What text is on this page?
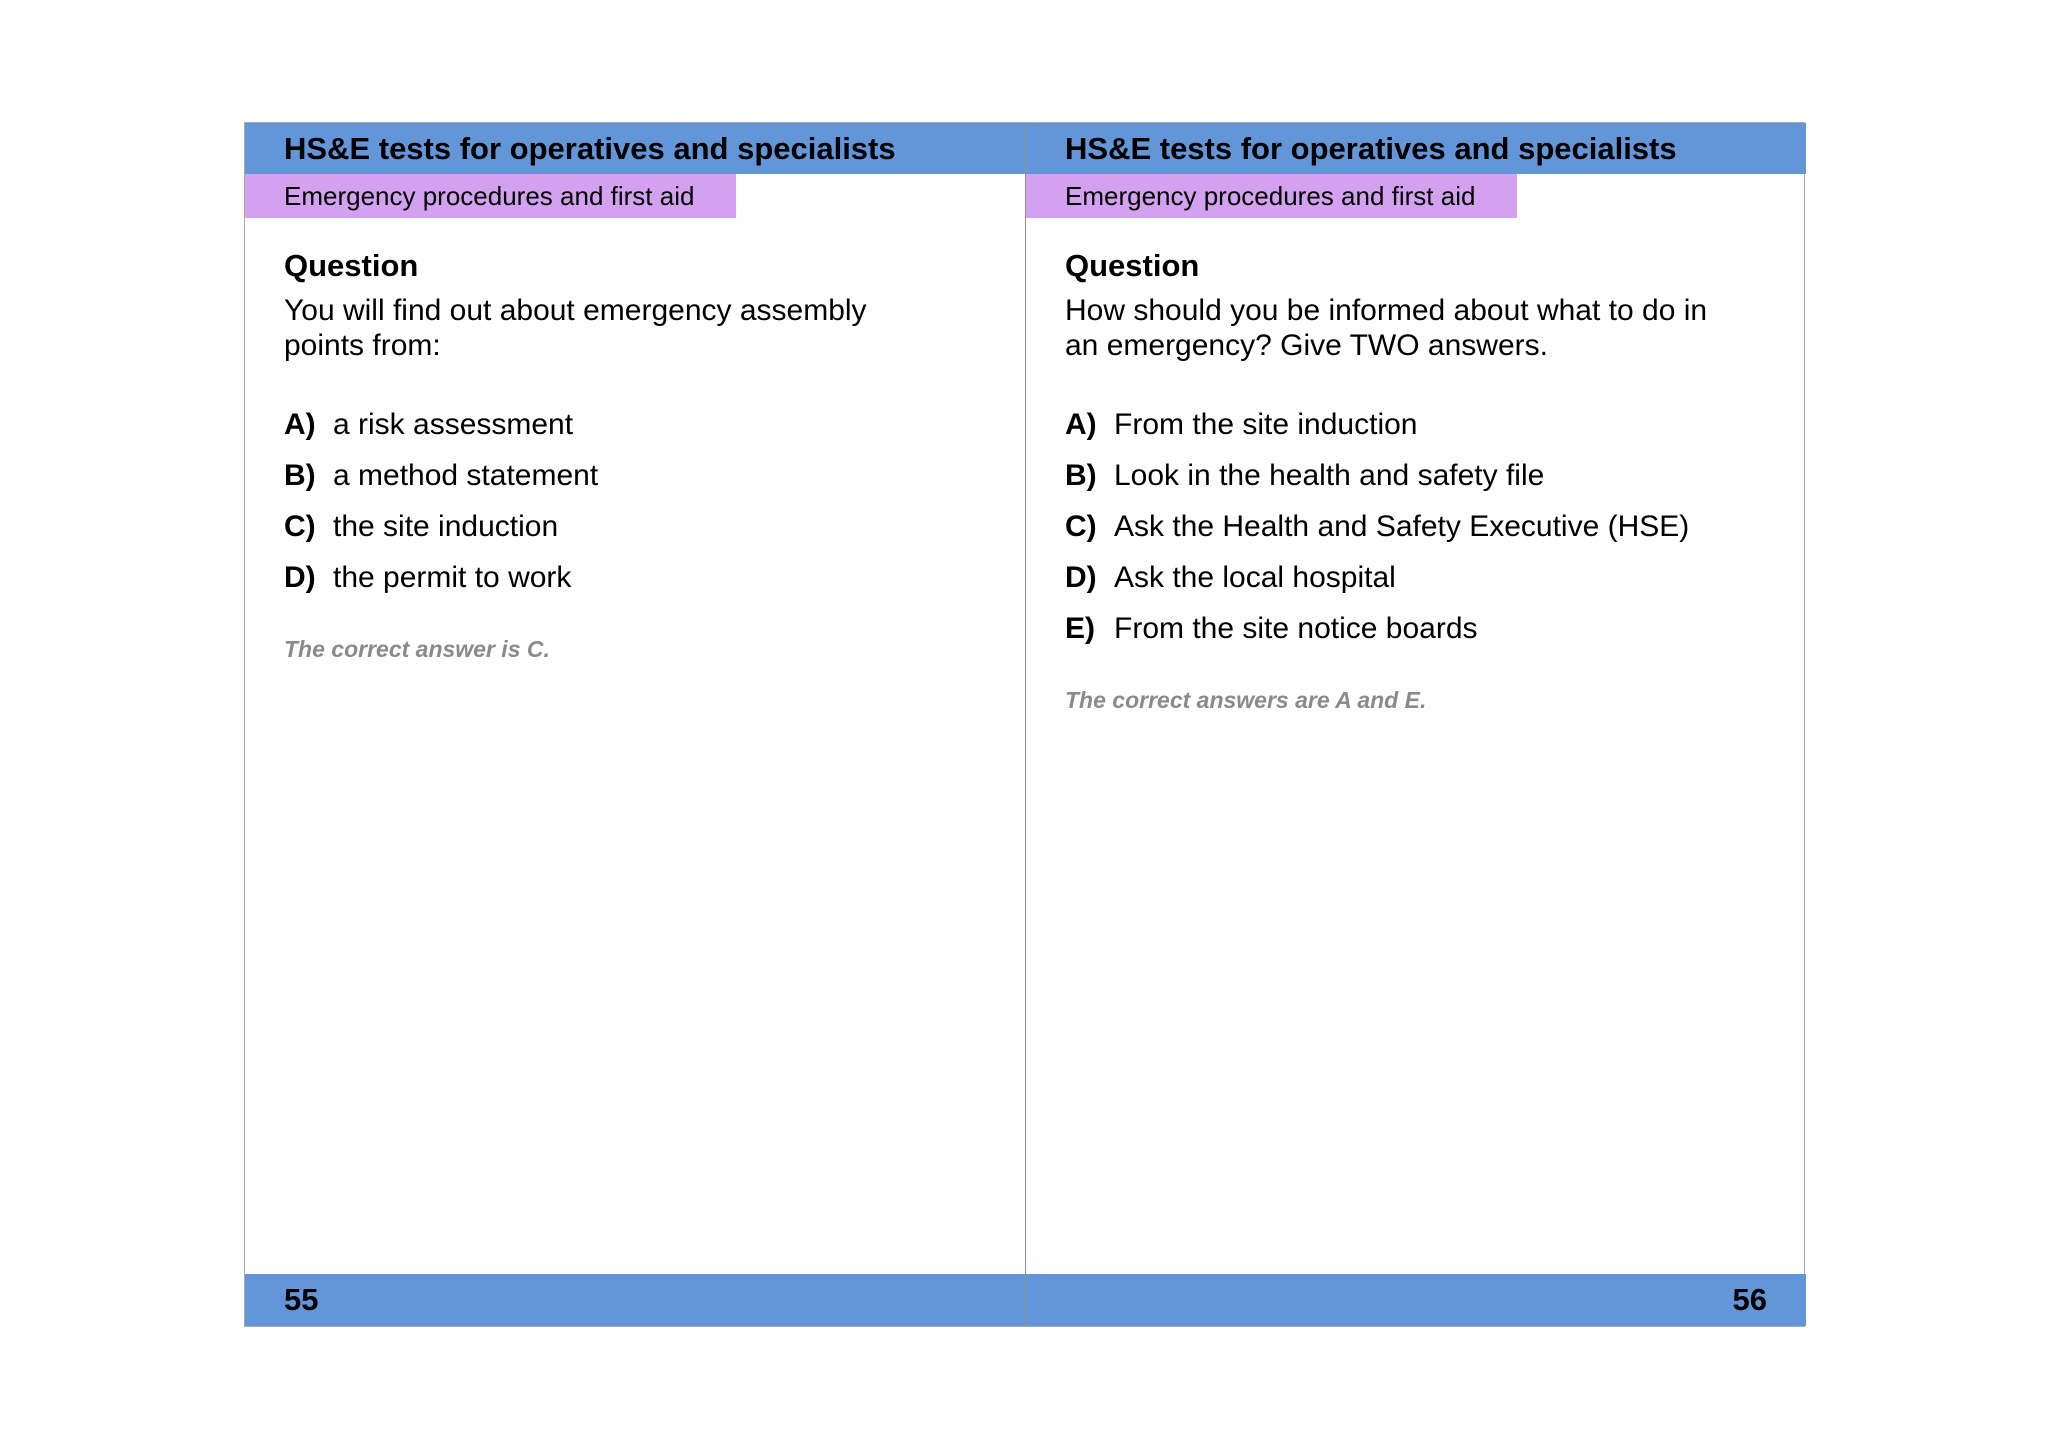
HS&E tests for operatives and specialists
Emergency procedures and first aid

Question

You will find out about emergency assembly
points from:

A) a risk assessment
B) a method statement
C) the site induction
D) the permit to work

The correct answer is C.

55
HS&E tests for operatives and specialists
Emergency procedures and first aid

Question

How should you be informed about what to do in
an emergency? Give TWO answers.

A) From the site induction
B) Look in the health and safety file
C) Ask the Health and Safety Executive (HSE)
D) Ask the local hospital
E) From the site notice boards

The correct answers are A and E.

56
